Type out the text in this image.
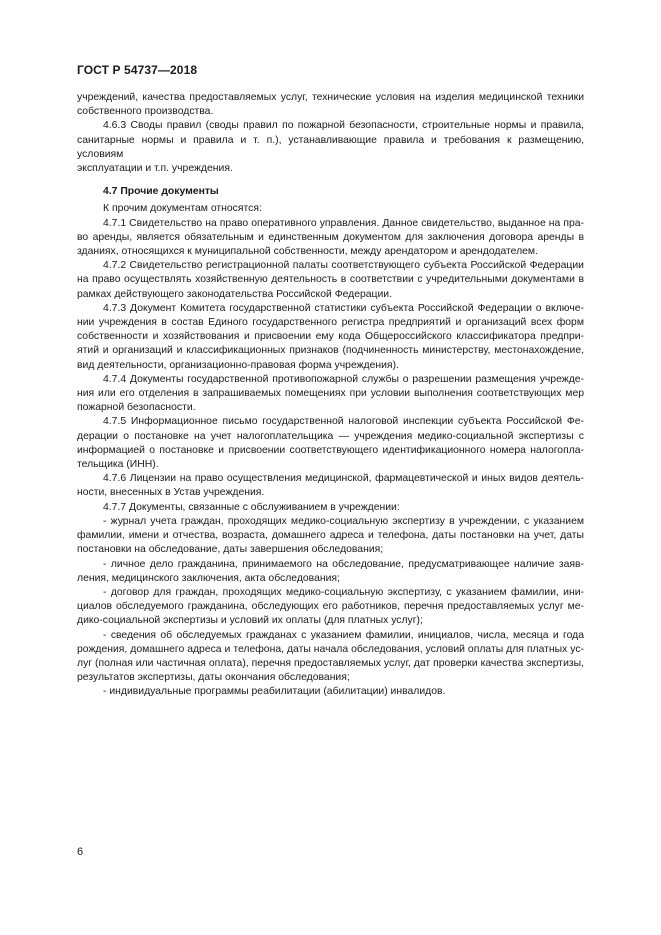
ГОСТ Р 54737—2018
учреждений, качества предоставляемых услуг, технические условия на изделия медицинской техники
собственного производства.
4.6.3 Своды правил (своды правил по пожарной безопасности, строительные нормы и правила,
санитарные нормы и правила и т. п.), устанавливающие правила и требования к размещению, условиям
эксплуатации и т.п. учреждения.
4.7 Прочие документы
К прочим документам относятся:
4.7.1 Свидетельство на право оперативного управления. Данное свидетельство, выданное на пра-
во аренды, является обязательным и единственным документом для заключения договора аренды в
зданиях, относящихся к муниципальной собственности, между арендатором и арендодателем.
4.7.2 Свидетельство регистрационной палаты соответствующего субъекта Российской Федерации
на право осуществлять хозяйственную деятельность в соответствии с учредительными документами в
рамках действующего законодательства Российской Федерации.
4.7.3 Документ Комитета государственной статистики субъекта Российской Федерации о включе-
нии учреждения в состав Единого государственного регистра предприятий и организаций всех форм
собственности и хозяйствования и присвоении ему кода Общероссийского классификатора предпри-
ятий и организаций и классификационных признаков (подчиненность министерству, местонахождение,
вид деятельности, организационно-правовая форма учреждения).
4.7.4 Документы государственной противопожарной службы о разрешении размещения учрежде-
ния или его отделения в запрашиваемых помещениях при условии выполнения соответствующих мер
пожарной безопасности.
4.7.5 Информационное письмо государственной налоговой инспекции субъекта Российской Фе-
дерации о постановке на учет налогоплательщика — учреждения медико-социальной экспертизы с
информацией о постановке и присвоении соответствующего идентификационного номера налогопла-
тельщика (ИНН).
4.7.6 Лицензии на право осуществления медицинской, фармацевтической и иных видов деятель-
ности, внесенных в Устав учреждения.
4.7.7 Документы, связанные с обслуживанием в учреждении:
- журнал учета граждан, проходящих медико-социальную экспертизу в учреждении, с указанием
фамилии, имени и отчества, возраста, домашнего адреса и телефона, даты постановки на учет, даты
постановки на обследование, даты завершения обследования;
- личное дело гражданина, принимаемого на обследование, предусматривающее наличие заяв-
ления, медицинского заключения, акта обследования;
- договор для граждан, проходящих медико-социальную экспертизу, с указанием фамилии, ини-
циалов обследуемого гражданина, обследующих его работников, перечня предоставляемых услуг ме-
дико-социальной экспертизы и условий их оплаты (для платных услуг);
- сведения об обследуемых гражданах с указанием фамилии, инициалов, числа, месяца и года
рождения, домашнего адреса и телефона, даты начала обследования, условий оплаты для платных ус-
луг (полная или частичная оплата), перечня предоставляемых услуг, дат проверки качества экспертизы,
результатов экспертизы, даты окончания обследования;
- индивидуальные программы реабилитации (абилитации) инвалидов.
6
